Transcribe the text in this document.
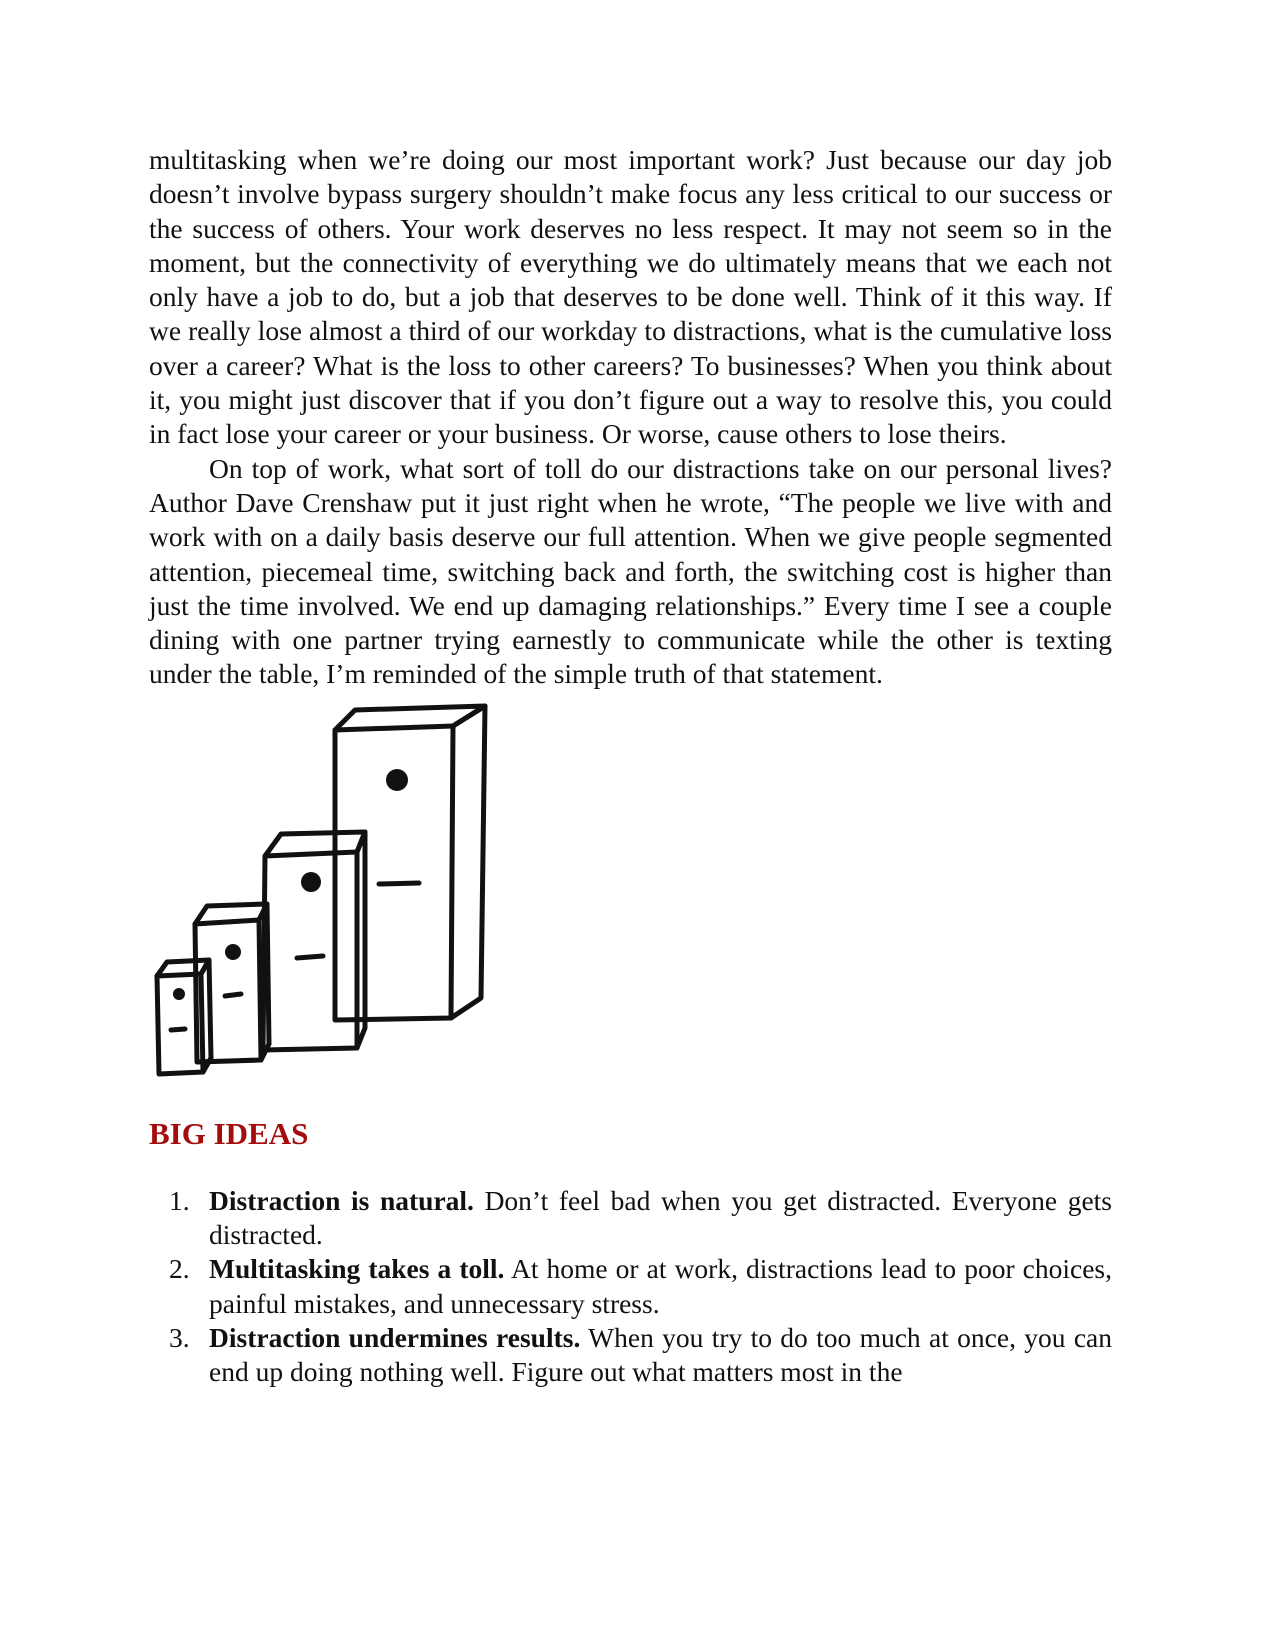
multitasking when we’re doing our most important work? Just because our day job doesn’t involve bypass surgery shouldn’t make focus any less critical to our success or the success of others. Your work deserves no less respect. It may not seem so in the moment, but the connectivity of everything we do ultimately means that we each not only have a job to do, but a job that deserves to be done well. Think of it this way. If we really lose almost a third of our workday to distractions, what is the cumulative loss over a career? What is the loss to other careers? To businesses? When you think about it, you might just discover that if you don’t figure out a way to resolve this, you could in fact lose your career or your business. Or worse, cause others to lose theirs.

On top of work, what sort of toll do our distractions take on our personal lives? Author Dave Crenshaw put it just right when he wrote, “The people we live with and work with on a daily basis deserve our full attention. When we give people segmented attention, piecemeal time, switching back and forth, the switching cost is higher than just the time involved. We end up damaging relationships.” Every time I see a couple dining with one partner trying earnestly to communicate while the other is texting under the table, I’m reminded of the simple truth of that statement.

BIG IDEAS
1. Distraction is natural. Don’t feel bad when you get distracted. Everyone gets distracted.
2. Multitasking takes a toll. At home or at work, distractions lead to poor choices, painful mistakes, and unnecessary stress.
3. Distraction undermines results. When you try to do too much at once, you can end up doing nothing well. Figure out what matters most in the
